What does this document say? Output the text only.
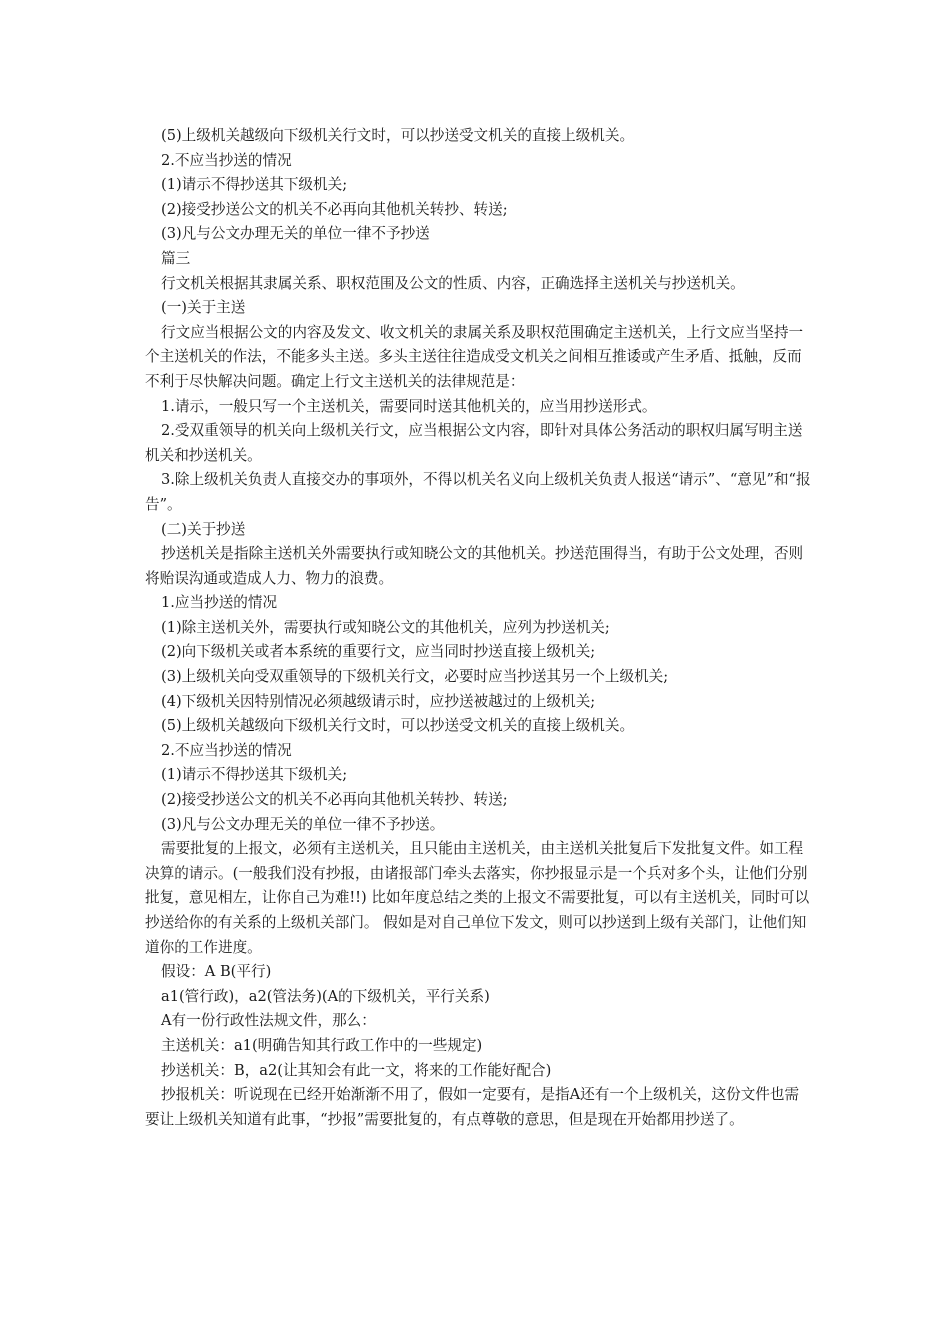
(5)上级机关越级向下级机关行文时，可以抄送受文机关的直接上级机关。

2.不应当抄送的情况

(1)请示不得抄送其下级机关;

(2)接受抄送公文的机关不必再向其他机关转抄、转送;

(3)凡与公文办理无关的单位一律不予抄送

篇三

行文机关根据其隶属关系、职权范围及公文的性质、内容，正确选择主送机关与抄送机关。

(一)关于主送

行文应当根据公文的内容及发文、收文机关的隶属关系及职权范围确定主送机关，上行文应当坚持一个主送机关的作法，不能多头主送。多头主送往往造成受文机关之间相互推诿或产生矛盾、抵触，反而不利于尽快解决问题。确定上行文主送机关的法律规范是：

1.请示，一般只写一个主送机关，需要同时送其他机关的，应当用抄送形式。

2.受双重领导的机关向上级机关行文，应当根据公文内容，即针对具体公务活动的职权归属写明主送机关和抄送机关。

3.除上级机关负责人直接交办的事项外，不得以机关名义向上级机关负责人报送“请示”、“意见”和“报告”。

(二)关于抄送

抄送机关是指除主送机关外需要执行或知晓公文的其他机关。抄送范围得当，有助于公文处理，否则将贻误沟通或造成人力、物力的浪费。

1.应当抄送的情况

(1)除主送机关外，需要执行或知晓公文的其他机关，应列为抄送机关;

(2)向下级机关或者本系统的重要行文，应当同时抄送直接上级机关;

(3)上级机关向受双重领导的下级机关行文，必要时应当抄送其另一个上级机关;

(4)下级机关因特别情况必须越级请示时，应抄送被越过的上级机关;

(5)上级机关越级向下级机关行文时，可以抄送受文机关的直接上级机关。

2.不应当抄送的情况

(1)请示不得抄送其下级机关;

(2)接受抄送公文的机关不必再向其他机关转抄、转送;

(3)凡与公文办理无关的单位一律不予抄送。

需要批复的上报文，必须有主送机关，且只能由主送机关，由主送机关批复后下发批复文件。如工程决算的请示。(一般我们没有抄报，由诸报部门牵头去落实，你抄报显示是一个兵对多个头，让他们分别批复，意见相左，让你自己为难!!) 比如年度总结之类的上报文不需要批复，可以有主送机关，同时可以抄送给你的有关系的上级机关部门。 假如是对自己单位下发文，则可以抄送到上级有关部门，让他们知道你的工作进度。

假设：A B(平行)

a1(管行政)，a2(管法务)(A的下级机关，平行关系)

A有一份行政性法规文件，那么：

主送机关：a1(明确告知其行政工作中的一些规定)

抄送机关：B，a2(让其知会有此一文，将来的工作能好配合)

抄报机关：听说现在已经开始渐渐不用了，假如一定要有，是指A还有一个上级机关，这份文件也需要让上级机关知道有此事，“抄报”需要批复的，有点尊敬的意思，但是现在开始都用抄送了。
